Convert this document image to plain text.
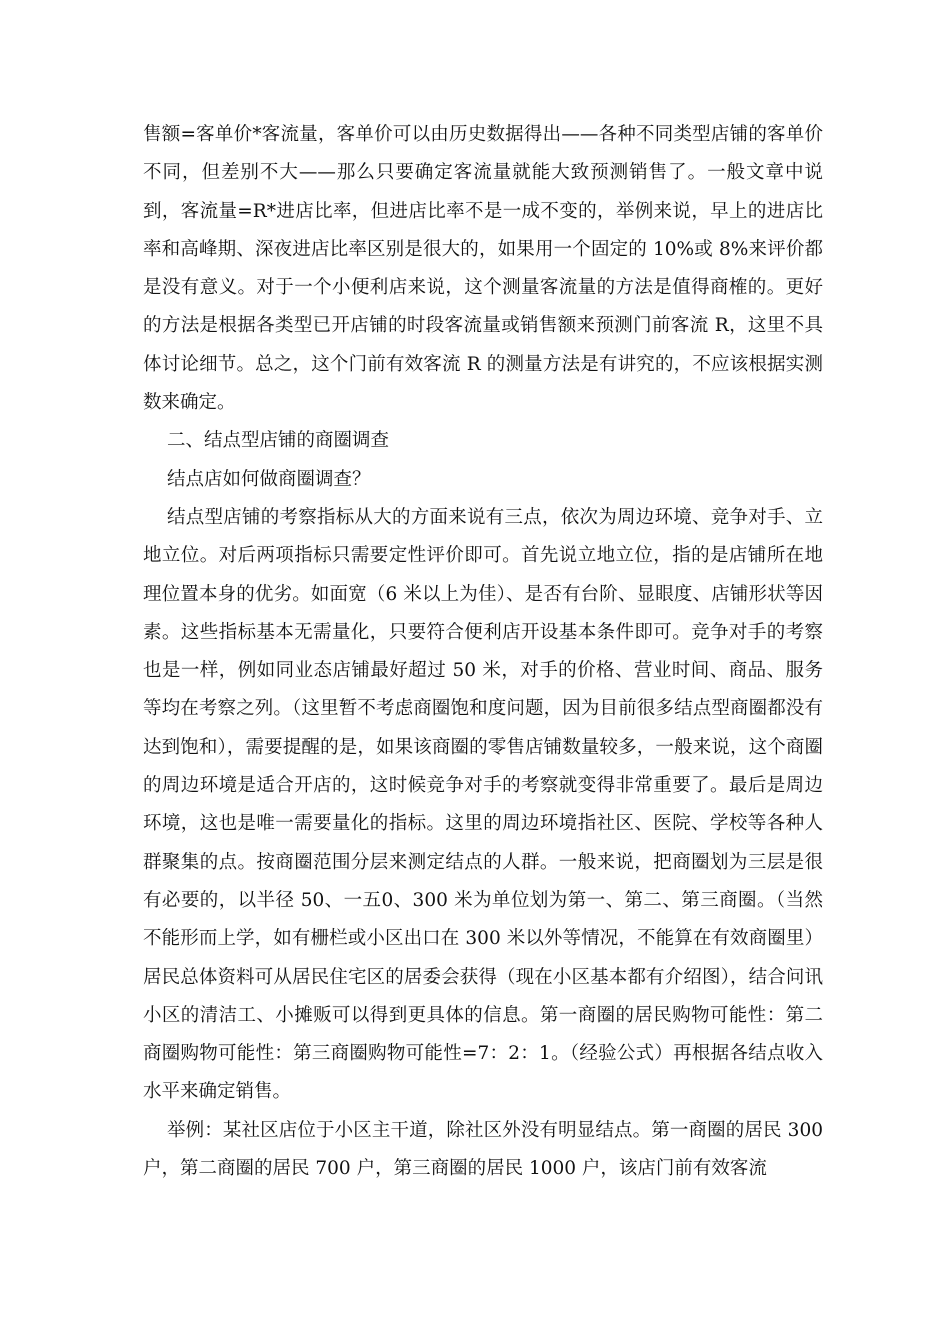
售额=客单价*客流量，客单价可以由历史数据得出——各种不同类型店铺的客单价不同，但差别不大——那么只要确定客流量就能大致预测销售了。一般文章中说到，客流量=R*进店比率，但进店比率不是一成不变的，举例来说，早上的进店比率和高峰期、深夜进店比率区别是很大的，如果用一个固定的 10%或 8%来评价都是没有意义。对于一个小便利店来说，这个测量客流量的方法是值得商榷的。更好的方法是根据各类型已开店铺的时段客流量或销售额来预测门前客流 R，这里不具体讨论细节。总之，这个门前有效客流 R 的测量方法是有讲究的，不应该根据实测数来确定。

二、结点型店铺的商圈调查

结点店如何做商圈调查？

结点型店铺的考察指标从大的方面来说有三点，依次为周边环境、竞争对手、立地立位。对后两项指标只需要定性评价即可。首先说立地立位，指的是店铺所在地理位置本身的优劣。如面宽（6 米以上为佳）、是否有台阶、显眼度、店铺形状等因素。这些指标基本无需量化，只要符合便利店开设基本条件即可。竞争对手的考察也是一样，例如同业态店铺最好超过 50 米，对手的价格、营业时间、商品、服务等均在考察之列。（这里暂不考虑商圈饱和度问题，因为目前很多结点型商圈都没有达到饱和），需要提醒的是，如果该商圈的零售店铺数量较多，一般来说，这个商圈的周边环境是适合开店的，这时候竞争对手的考察就变得非常重要了。最后是周边环境，这也是唯一需要量化的指标。这里的周边环境指社区、医院、学校等各种人群聚集的点。按商圈范围分层来测定结点的人群。一般来说，把商圈划为三层是很有必要的，以半径 50、一五0、300 米为单位划为第一、第二、第三商圈。（当然不能形而上学，如有栅栏或小区出口在 300 米以外等情况，不能算在有效商圈里）居民总体资料可从居民住宅区的居委会获得（现在小区基本都有介绍图），结合问讯小区的清洁工、小摊贩可以得到更具体的信息。第一商圈的居民购物可能性：第二商圈购物可能性：第三商圈购物可能性=7：2：1。（经验公式）再根据各结点收入水平来确定销售。

举例：某社区店位于小区主干道，除社区外没有明显结点。第一商圈的居民 300 户，第二商圈的居民 700 户，第三商圈的居民 1000 户，该店门前有效客流
